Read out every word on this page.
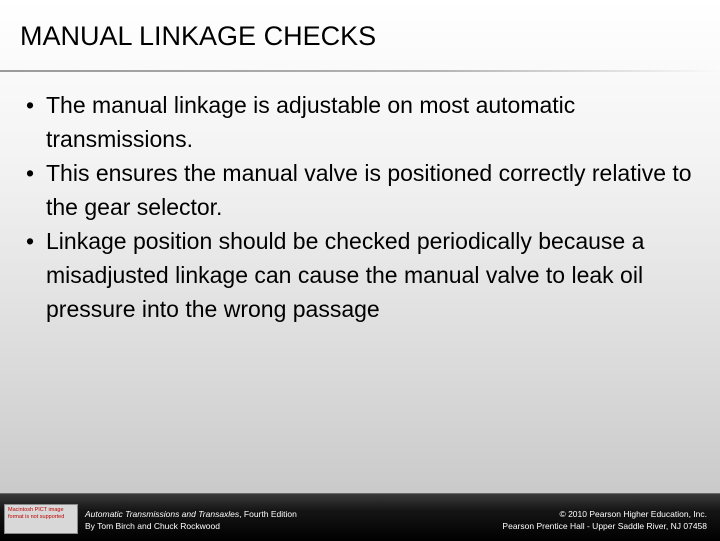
MANUAL LINKAGE CHECKS
• The manual linkage is adjustable on most automatic transmissions.
• This ensures the manual valve is positioned correctly relative to the gear selector.
• Linkage position should be checked periodically because a misadjusted linkage can cause the manual valve to leak oil pressure into the wrong passage
Macintosh PICT image format is not supported	Automatic Transmissions and Transaxles, Fourth Edition
By Tom Birch and Chuck Rockwood
© 2010 Pearson Higher Education, Inc.
Pearson Prentice Hall - Upper Saddle River, NJ 07458
